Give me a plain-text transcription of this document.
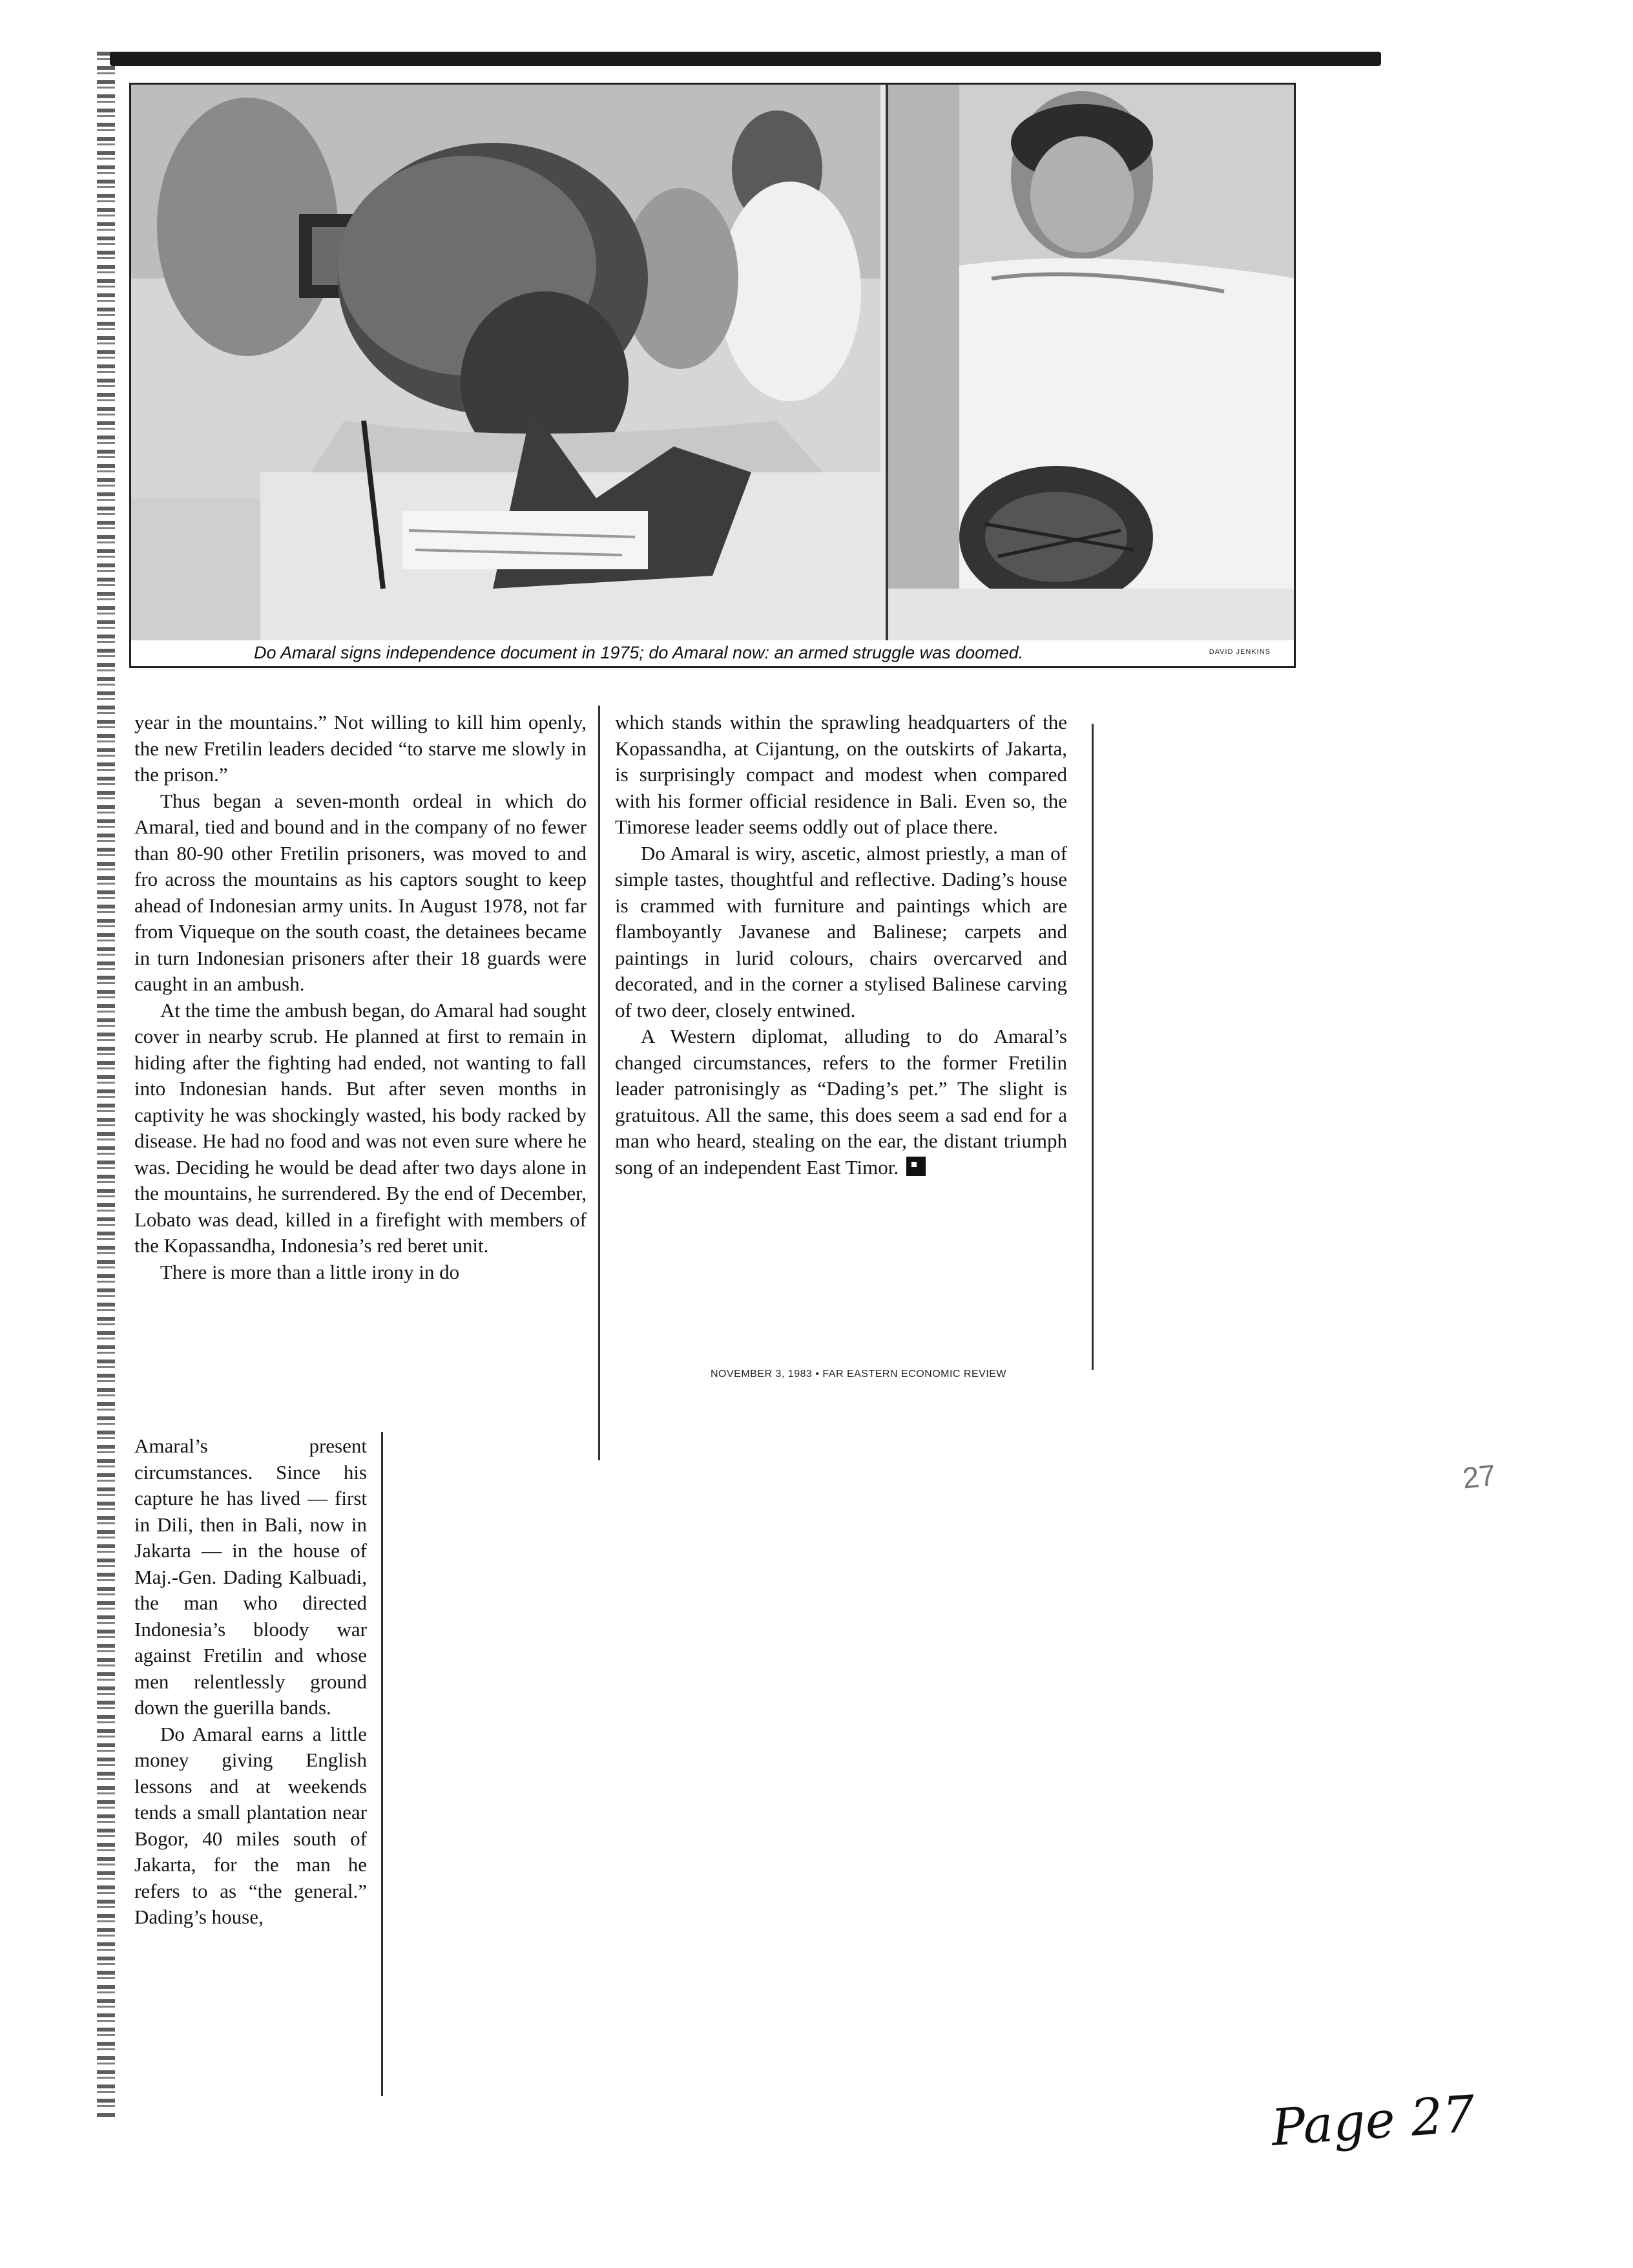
Do Amaral signs independence document in 1975; do Amaral now: an armed struggle was doomed.	DAVID JENKINS

year in the mountains.” Not willing to kill him openly, the new Fretilin leaders decided “to starve me slowly in the prison.”

Thus began a seven-month ordeal in which do Amaral, tied and bound and in the company of no fewer than 80-90 other Fretilin prisoners, was moved to and fro across the mountains as his captors sought to keep ahead of Indonesian army units. In August 1978, not far from Viqueque on the south coast, the detainees became in turn Indonesian prisoners after their 18 guards were caught in an ambush.

At the time the ambush began, do Amaral had sought cover in nearby scrub. He planned at first to remain in hiding after the fighting had ended, not wanting to fall into Indonesian hands. But after seven months in captivity he was shockingly wasted, his body racked by disease. He had no food and was not even sure where he was. Deciding he would be dead after two days alone in the mountains, he surrendered. By the end of December, Lobato was dead, killed in a firefight with members of the Kopassandha, Indonesia’s red beret unit.

There is more than a little irony in do

Amaral’s present circumstances. Since his capture he has lived — first in Dili, then in Bali, now in Jakarta — in the house of Maj.-Gen. Dading Kalbuadi, the man who directed Indonesia’s bloody war against Fretilin and whose men relentlessly ground down the guerilla bands.

Do Amaral earns a little money giving English lessons and at weekends tends a small plantation near Bogor, 40 miles south of Jakarta, for the man he refers to as “the general.” Dading’s house,

which stands within the sprawling headquarters of the Kopassandha, at Cijantung, on the outskirts of Jakarta, is surprisingly compact and modest when compared with his former official residence in Bali. Even so, the Timorese leader seems oddly out of place there.

Do Amaral is wiry, ascetic, almost priestly, a man of simple tastes, thoughtful and reflective. Dading’s house is crammed with furniture and paintings which are flamboyantly Javanese and Balinese; carpets and paintings in lurid colours, chairs overcarved and decorated, and in the corner a stylised Balinese carving of two deer, closely entwined.

A Western diplomat, alluding to do Amaral’s changed circumstances, refers to the former Fretilin leader patronisingly as “Dading’s pet.” The slight is gratuitous. All the same, this does seem a sad end for a man who heard, stealing on the ear, the distant triumph song of an independent East Timor.

NOVEMBER 3, 1983 • FAR EASTERN ECONOMIC REVIEW
27
Page 27
